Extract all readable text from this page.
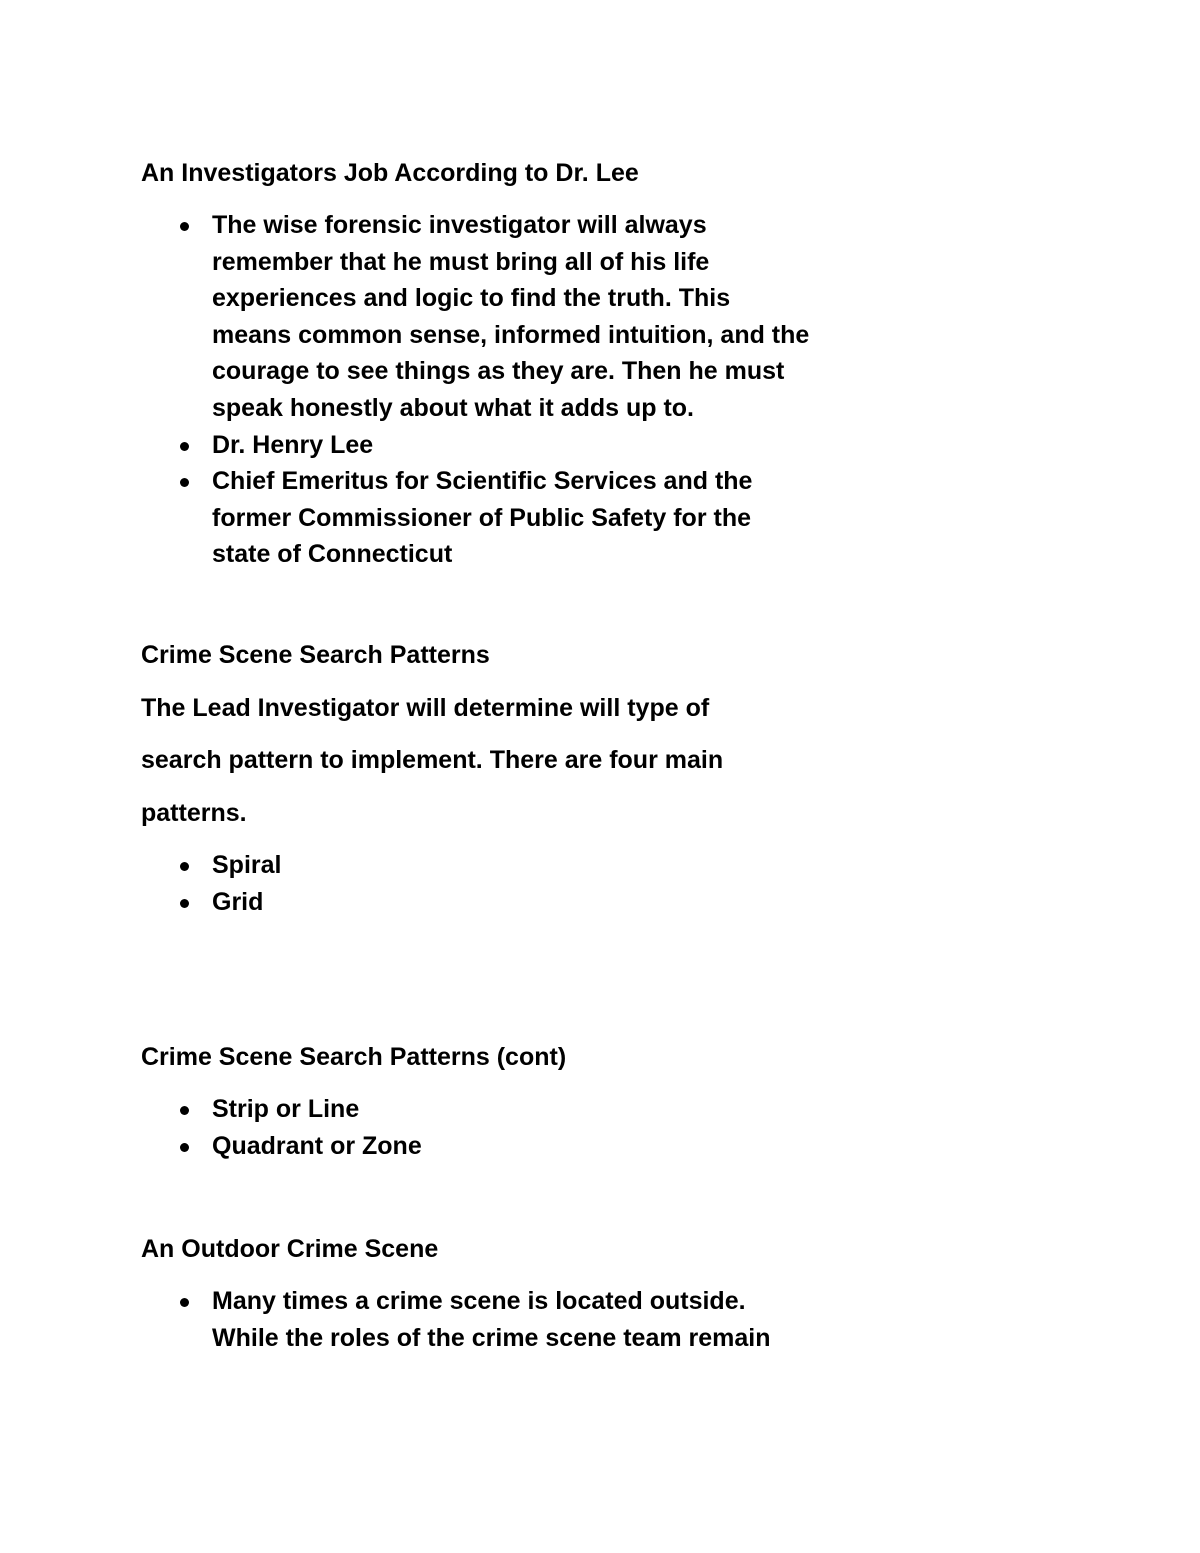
An Investigators Job According to Dr. Lee
The wise forensic investigator will always
remember that he must bring all of his life
experiences and logic to find the truth. This
means common sense, informed intuition, and the
courage to see things as they are. Then he must
speak honestly about what it adds up to.
Dr. Henry Lee
Chief Emeritus for Scientific Services and the
former Commissioner of Public Safety for the
state of Connecticut
Crime Scene Search Patterns

The Lead Investigator will determine will type of

search pattern to implement. There are four main

patterns.

Spiral
Grid
Crime Scene Search Patterns (cont)
Strip or Line
Quadrant or Zone
An Outdoor Crime Scene
Many times a crime scene is located outside.
While the roles of the crime scene team remain
